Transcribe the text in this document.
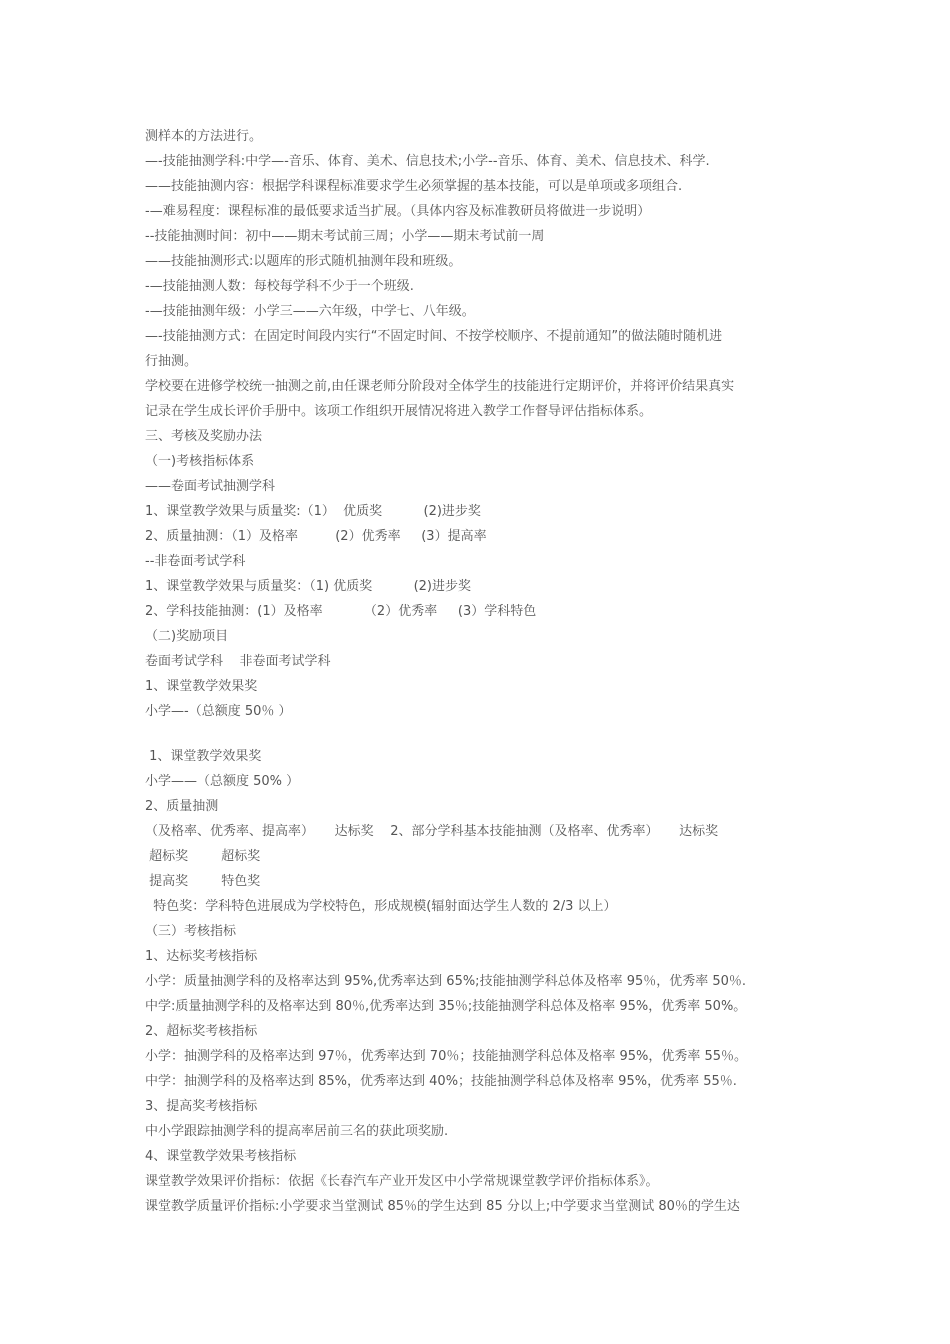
测样本的方法进行。
—-技能抽测学科:中学—-音乐、体育、美术、信息技术;小学--音乐、体育、美术、信息技术、科学.
——技能抽测内容：根据学科课程标准要求学生必须掌握的基本技能，可以是单项或多项组合.
-—难易程度：课程标准的最低要求适当扩展。（具体内容及标准教研员将做进一步说明）
--技能抽测时间：初中——期末考试前三周；小学——期末考试前一周
——技能抽测形式:以题库的形式随机抽测年段和班级。
-—技能抽测人数：每校每学科不少于一个班级.
-—技能抽测年级：小学三——六年级，中学七、八年级。
—-技能抽测方式：在固定时间段内实行“不固定时间、不按学校顺序、不提前通知”的做法随时随机进
行抽测。
学校要在进修学校统一抽测之前,由任课老师分阶段对全体学生的技能进行定期评价，并将评价结果真实
记录在学生成长评价手册中。该项工作组织开展情况将进入教学工作督导评估指标体系。
三、考核及奖励办法
（一)考核指标体系
——卷面考试抽测学科
1、课堂教学效果与质量奖:（1）  优质奖          (2)进步奖
2、质量抽测：（1）及格率         (2）优秀率     (3）提高率
--非卷面考试学科
1、课堂教学效果与质量奖：（1) 优质奖          (2)进步奖
2、学科技能抽测：(1）及格率          （2）优秀率     (3）学科特色
（二)奖励项目
卷面考试学科    非卷面考试学科
1、课堂教学效果奖
小学—-（总额度 50％ ）
1、课堂教学效果奖
小学——（总额度 50% ）
2、质量抽测
（及格率、优秀率、提高率）     达标奖    2、部分学科基本技能抽测（及格率、优秀率）     达标奖
超标奖        超标奖
提高奖        特色奖
特色奖：学科特色进展成为学校特色，形成规模(辐射面达学生人数的 2/3 以上）
（三）考核指标
1、达标奖考核指标
小学：质量抽测学科的及格率达到 95%,优秀率达到 65%;技能抽测学科总体及格率 95％，优秀率 50％.
中学:质量抽测学科的及格率达到 80％,优秀率达到 35％;技能抽测学科总体及格率 95%，优秀率 50%。
2、超标奖考核指标
小学：抽测学科的及格率达到 97％，优秀率达到 70％；技能抽测学科总体及格率 95%，优秀率 55％。
中学：抽测学科的及格率达到 85%，优秀率达到 40%；技能抽测学科总体及格率 95%，优秀率 55％.
3、提高奖考核指标
中小学跟踪抽测学科的提高率居前三名的获此项奖励.
4、课堂教学效果考核指标
课堂教学效果评价指标：依据《长春汽车产业开发区中小学常规课堂教学评价指标体系》。
课堂教学质量评价指标:小学要求当堂测试 85％的学生达到 85 分以上;中学要求当堂测试 80％的学生达
